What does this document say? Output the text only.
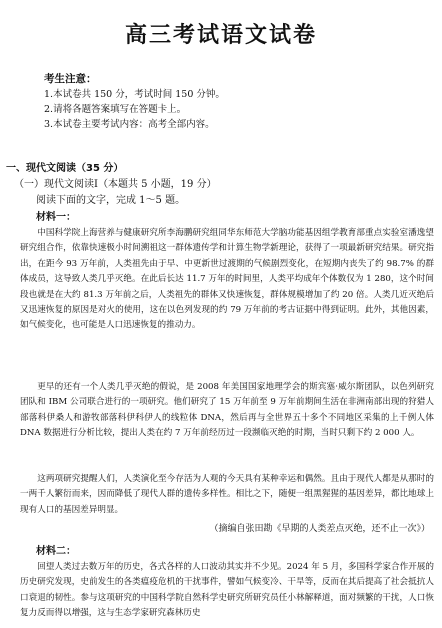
高三考试语文试卷
考生注意：
1.本试卷共 150 分，考试时间 150 分钟。
2.请将各题答案填写在答题卡上。
3.本试卷主要考试内容：高考全部内容。
一、现代文阅读（35 分）
（一）现代文阅读Ⅰ（本题共 5 小题，19 分）
阅读下面的文字，完成 1～5 题。
材料一：
中国科学院上海营养与健康研究所李海鹏研究组同华东师范大学脑功能基因组学教育部重点实验室潘逸望研究组合作，依靠快速极小时间溯祖这一群体遗传学和计算生物学新理论，获得了一项最新研究结果。研究指出，在距今 93 万年前，人类祖先由于早、中更新世过渡期的气候剧烈变化，在短期内丧失了约 98.7% 的群体成员，这导致人类几乎灭绝。在此后长达 11.7 万年的时间里，人类平均成年个体数仅为 1 280，这个时间段也就是在大约 81.3 万年前之后，人类祖先的群体又快速恢复，群体规模增加了约 20 倍。人类几近灭绝后又迅速恢复的原因是对火的使用，这在以色列发现的约 79 万年前的考古证据中得到证明。此外，其他因素，如气候变化，也可能是人口迅速恢复的推动力。
更早的还有一个人类几乎灭绝的假说，是 2008 年美国国家地理学会的斯宾塞·威尔斯团队，以色列研究团队和 IBM 公司联合进行的一项研究。他们研究了 15 万年前至 9 万年前期间生活在非洲南部出现的狩猎人部落科伊桑人和游牧部落科伊科伊人的线粒体 DNA，然后再与全世界五十多个不同地区采集的上千例人体 DNA 数据进行分析比较，提出人类在约 7 万年前经历过一段濒临灭绝的时期，当时只剩下约 2 000 人。
这两项研究提醒人们，人类演化至今存活为人观的今天具有某种幸运和偶然。且由于现代人都是从那时的一两千人繁衍而来，因而降低了现代人群的遗传多样性。相比之下，随便一组黑猩猩的基因差异，都比地球上现有人口的基因差异明显。
（摘编自张田勘《早期的人类差点灭绝，还不止一次》）
材料二：
回望人类过去数万年的历史，各式各样的人口波动其实并不少见。2024 年 5 月，多国科学家合作开展的历史研究发现，史前发生的各类瘟疫危机的干扰事件，譬如气候变冷、干旱等，反而在其后提高了社会抵抗人口衰退的韧性。参与这项研究的中国科学院自然科学史研究所研究员任小林解释道，面对频繁的干扰，人口恢复力反而得以增强，这与生态学家研究森林历史
